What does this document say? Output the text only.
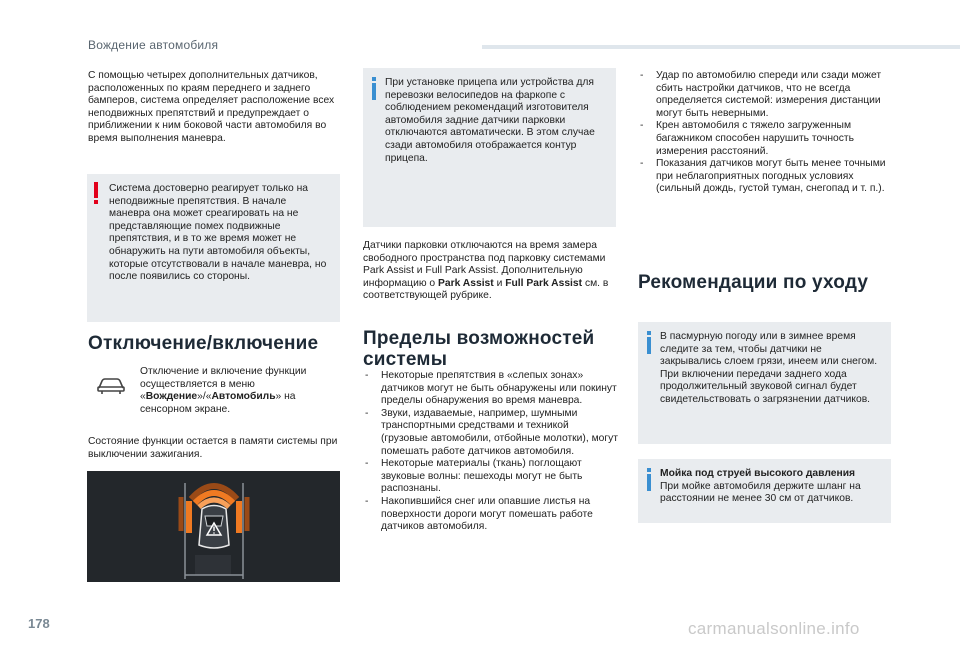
Вождение автомобиля

С помощью четырех дополнительных датчиков, расположенных по краям переднего и заднего бамперов, система определяет расположение всех неподвижных препятствий и предупреждает о приближении к ним боковой части автомобиля во время выполнения маневра.

Система достоверно реагирует только на неподвижные препятствия. В начале маневра она может среагировать на не представляющие помех подвижные препятствия, и в то же время может не обнаружить на пути автомобиля объекты, которые отсутствовали в начале маневра, но после появились со стороны.
Отключение/включение

Отключение и включение функции осуществляется в меню «Вождение»/«Автомобиль» на сенсорном экране.

Состояние функции остается в памяти системы при выключении зажигания.

При установке прицепа или устройства для перевозки велосипедов на фаркопе с соблюдением рекомендаций изготовителя автомобиля задние датчики парковки отключаются автоматически. В этом случае сзади автомобиля отображается контур прицепа.

Датчики парковки отключаются на время замера свободного пространства под парковку системами Park Assist и Full Park Assist. Дополнительную информацию о Park Assist и Full Park Assist см. в соответствующей рубрике.

Пределы возможностей системы
- Некоторые препятствия в «слепых зонах» датчиков могут не быть обнаружены или покинут пределы обнаружения во время маневра.
- Звуки, издаваемые, например, шумными транспортными средствами и техникой (грузовые автомобили, отбойные молотки), могут помешать работе датчиков автомобиля.
- Некоторые материалы (ткань) поглощают звуковые волны: пешеходы могут не быть распознаны.
- Накопившийся снег или опавшие листья на поверхности дороги могут помешать работе датчиков автомобиля.
- Удар по автомобилю спереди или сзади может сбить настройки датчиков, что не всегда определяется системой: измерения дистанции могут быть неверными.
- Крен автомобиля с тяжело загруженным багажником способен нарушить точность измерения расстояний.
- Показания датчиков могут быть менее точными при неблагоприятных погодных условиях (сильный дождь, густой туман, снегопад и т. п.).
Рекомендации по уходу
В пасмурную погоду или в зимнее время следите за тем, чтобы датчики не закрывались слоем грязи, инеем или снегом. При включении передачи заднего хода продолжительный звуковой сигнал будет свидетельствовать о загрязнении датчиков.
Мойка под струей высокого давления
При мойке автомобиля держите шланг на расстоянии не менее 30 см от датчиков.
178	carmanualsonline.info
